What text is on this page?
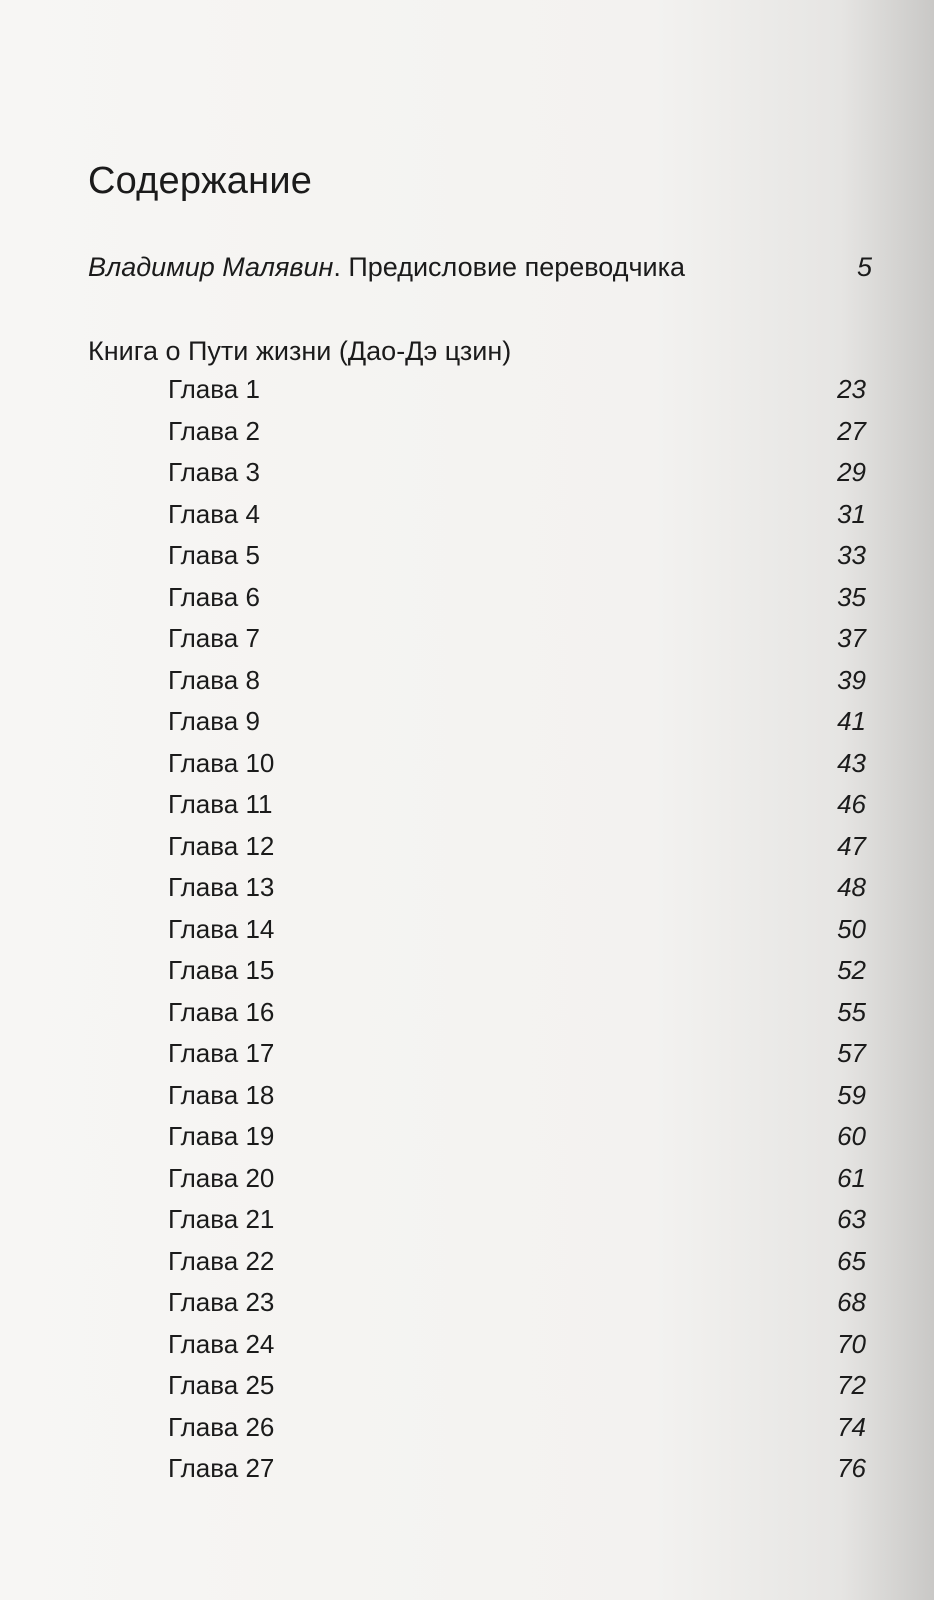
Содержание
Владимир Малявин. Предисловие переводчика	5
Книга о Пути жизни (Дао-Дэ цзин)
Глава 1	23
Глава 2	27
Глава 3	29
Глава 4	31
Глава 5	33
Глава 6	35
Глава 7	37
Глава 8	39
Глава 9	41
Глава 10	43
Глава 11	46
Глава 12	47
Глава 13	48
Глава 14	50
Глава 15	52
Глава 16	55
Глава 17	57
Глава 18	59
Глава 19	60
Глава 20	61
Глава 21	63
Глава 22	65
Глава 23	68
Глава 24	70
Глава 25	72
Глава 26	74
Глава 27	76
